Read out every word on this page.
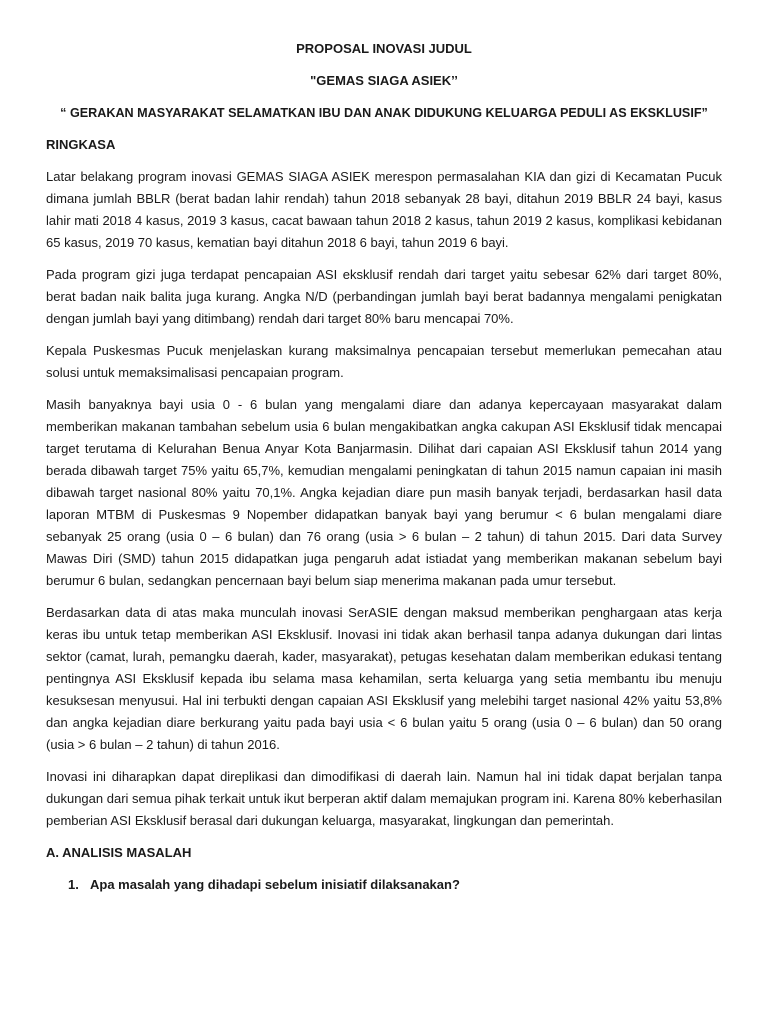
PROPOSAL INOVASI JUDUL

"GEMAS SIAGA ASIEK’’

“ GERAKAN MASYARAKAT SELAMATKAN IBU DAN ANAK DIDUKUNG KELUARGA PEDULI AS EKSKLUSIF”

RINGKASA

Latar belakang program inovasi GEMAS SIAGA ASIEK merespon permasalahan KIA dan gizi di Kecamatan Pucuk dimana jumlah BBLR (berat badan lahir rendah) tahun 2018 sebanyak 28 bayi, ditahun 2019 BBLR 24 bayi, kasus lahir mati 2018 4 kasus, 2019 3 kasus, cacat bawaan tahun 2018 2 kasus, tahun 2019 2 kasus, komplikasi kebidanan 65 kasus, 2019 70 kasus, kematian bayi ditahun 2018 6 bayi, tahun 2019 6 bayi.

Pada program gizi juga terdapat pencapaian ASI eksklusif rendah dari target yaitu sebesar 62% dari target 80%, berat badan naik balita juga kurang. Angka N/D (perbandingan jumlah bayi berat badannya mengalami penigkatan dengan jumlah bayi yang ditimbang) rendah dari target 80% baru mencapai 70%.

Kepala Puskesmas Pucuk menjelaskan kurang maksimalnya pencapaian tersebut memerlukan pemecahan atau solusi untuk memaksimalisasi pencapaian program.

Masih banyaknya bayi usia 0 - 6 bulan yang mengalami diare dan adanya kepercayaan masyarakat dalam memberikan makanan tambahan sebelum usia 6 bulan mengakibatkan angka cakupan ASI Eksklusif tidak mencapai target terutama di Kelurahan Benua Anyar Kota Banjarmasin. Dilihat dari capaian ASI Eksklusif tahun 2014 yang berada dibawah target 75% yaitu 65,7%, kemudian mengalami peningkatan di tahun 2015 namun capaian ini masih dibawah target nasional 80% yaitu 70,1%. Angka kejadian diare pun masih banyak terjadi, berdasarkan hasil data laporan MTBM di Puskesmas 9 Nopember didapatkan banyak bayi yang berumur < 6 bulan mengalami diare sebanyak 25 orang (usia 0 – 6 bulan) dan 76 orang (usia > 6 bulan – 2 tahun) di tahun 2015. Dari data Survey Mawas Diri (SMD) tahun 2015 didapatkan juga pengaruh adat istiadat yang memberikan makanan sebelum bayi berumur 6 bulan, sedangkan pencernaan bayi belum siap menerima makanan pada umur tersebut.

Berdasarkan data di atas maka munculah inovasi SerASIE dengan maksud memberikan penghargaan atas kerja keras ibu untuk tetap memberikan ASI Eksklusif. Inovasi ini tidak akan berhasil tanpa adanya dukungan dari lintas sektor (camat, lurah, pemangku daerah, kader, masyarakat), petugas kesehatan dalam memberikan edukasi tentang pentingnya ASI Eksklusif kepada ibu selama masa kehamilan, serta keluarga yang setia membantu ibu menuju kesuksesan menyusui. Hal ini terbukti dengan capaian ASI Eksklusif yang melebihi target nasional 42% yaitu 53,8% dan angka kejadian diare berkurang yaitu pada bayi usia < 6 bulan yaitu 5 orang (usia 0 – 6 bulan) dan 50 orang (usia > 6 bulan – 2 tahun) di tahun 2016.

Inovasi ini diharapkan dapat direplikasi dan dimodifikasi di daerah lain. Namun hal ini tidak dapat berjalan tanpa dukungan dari semua pihak terkait untuk ikut berperan aktif dalam memajukan program ini. Karena 80% keberhasilan pemberian ASI Eksklusif berasal dari dukungan keluarga, masyarakat, lingkungan dan pemerintah.

A. ANALISIS MASALAH

1. Apa masalah yang dihadapi sebelum inisiatif dilaksanakan?
